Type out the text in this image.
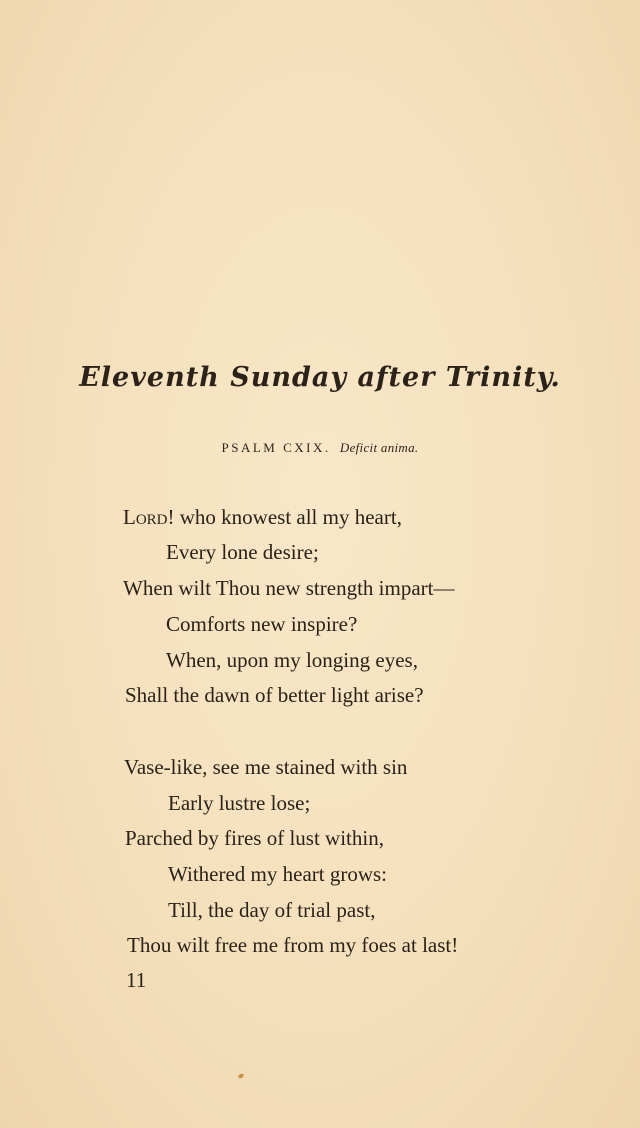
Eleventh Sunday after Trinity.
PSALM CXIX. Deficit anima.
Lord! who knowest all my heart,
Every lone desire;
When wilt Thou new strength impart—
Comforts new inspire?
When, upon my longing eyes,
Shall the dawn of better light arise?
Vase-like, see me stained with sin
Early lustre lose;
Parched by fires of lust within,
Withered my heart grows:
Till, the day of trial past,
Thou wilt free me from my foes at last!
11
